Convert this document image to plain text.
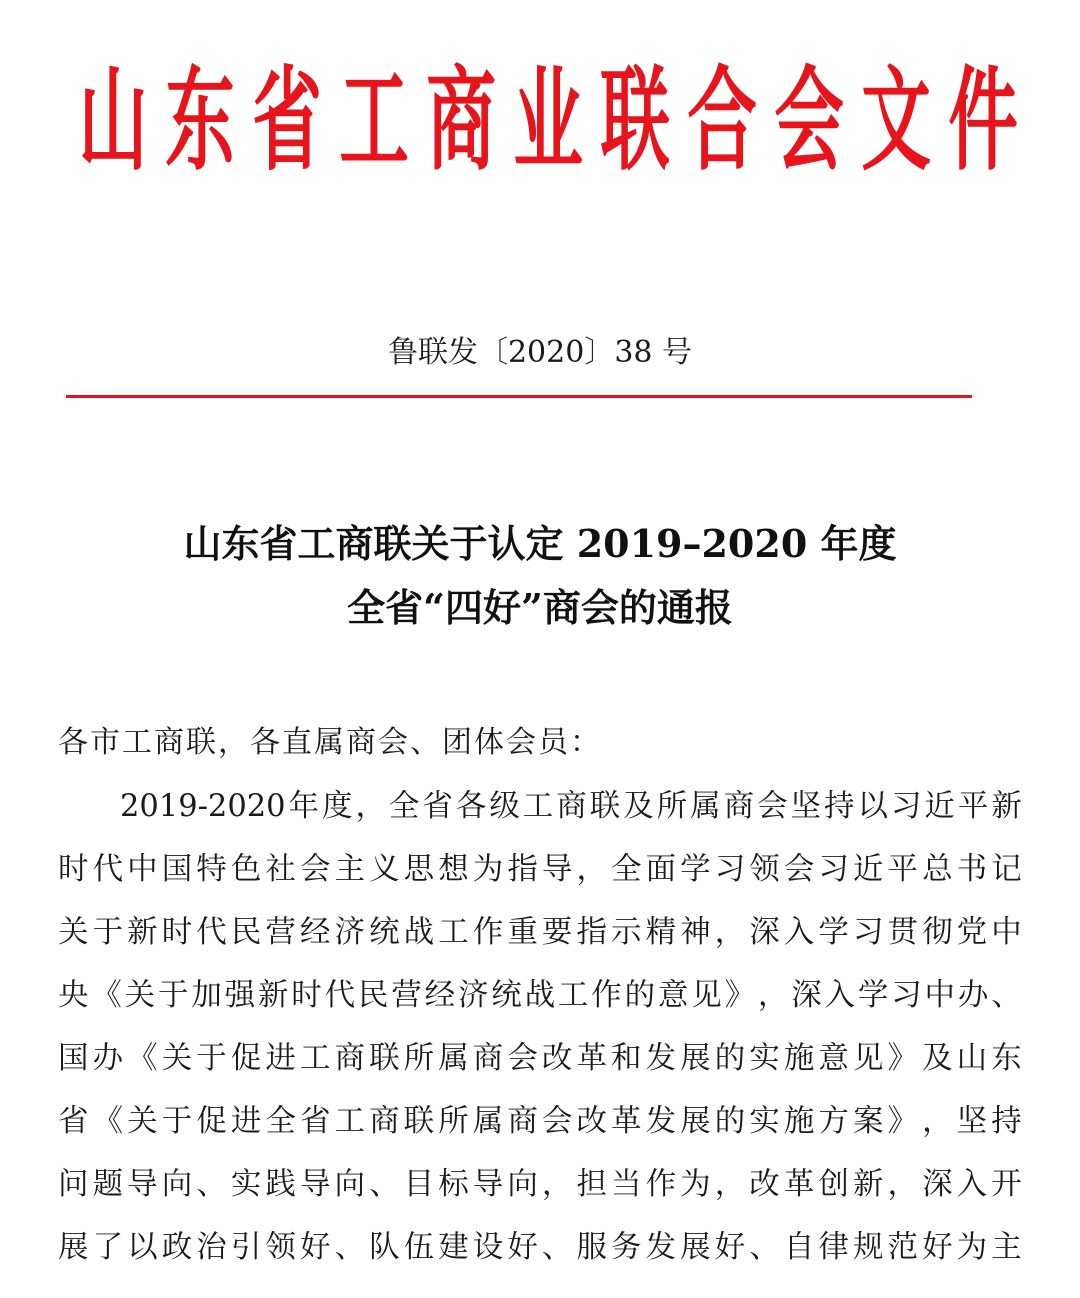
山 东 省 工 商 业 联 合 会 文 件
鲁联发〔2020〕38 号
山东省工商联关于认定 2019–2020 年度
全省“四好”商会的通报
各市工商联，各直属商会、团体会员：
2019-2020 年 度 ， 全 省 各 级 工 商 联 及 所 属 商 会 坚 持 以 习 近 平 新
时 代 中 国 特 色 社 会 主 义 思 想 为 指 导 ， 全 面 学 习 领 会 习 近 平 总 书 记
关 于 新 时 代 民 营 经 济 统 战 工 作 重 要 指 示 精 神 ， 深 入 学 习 贯 彻 党 中
央 《 关 于 加 强 新 时 代 民 营 经 济 统 战 工 作 的 意 见 》 ， 深 入 学 习 中 办 、
国 办 《 关 于 促 进 工 商 联 所 属 商 会 改 革 和 发 展 的 实 施 意 见 》 及 山 东
省 《 关 于 促 进 全 省 工 商 联 所 属 商 会 改 革 发 展 的 实 施 方 案 》 ， 坚 持
问 题 导 向 、 实 践 导 向 、 目 标 导 向 ， 担 当 作 为 ， 改 革 创 新 ， 深 入 开
展 了 以 政 治 引 领 好 、 队 伍 建 设 好 、 服 务 发 展 好 、 自 律 规 范 好 为 主
